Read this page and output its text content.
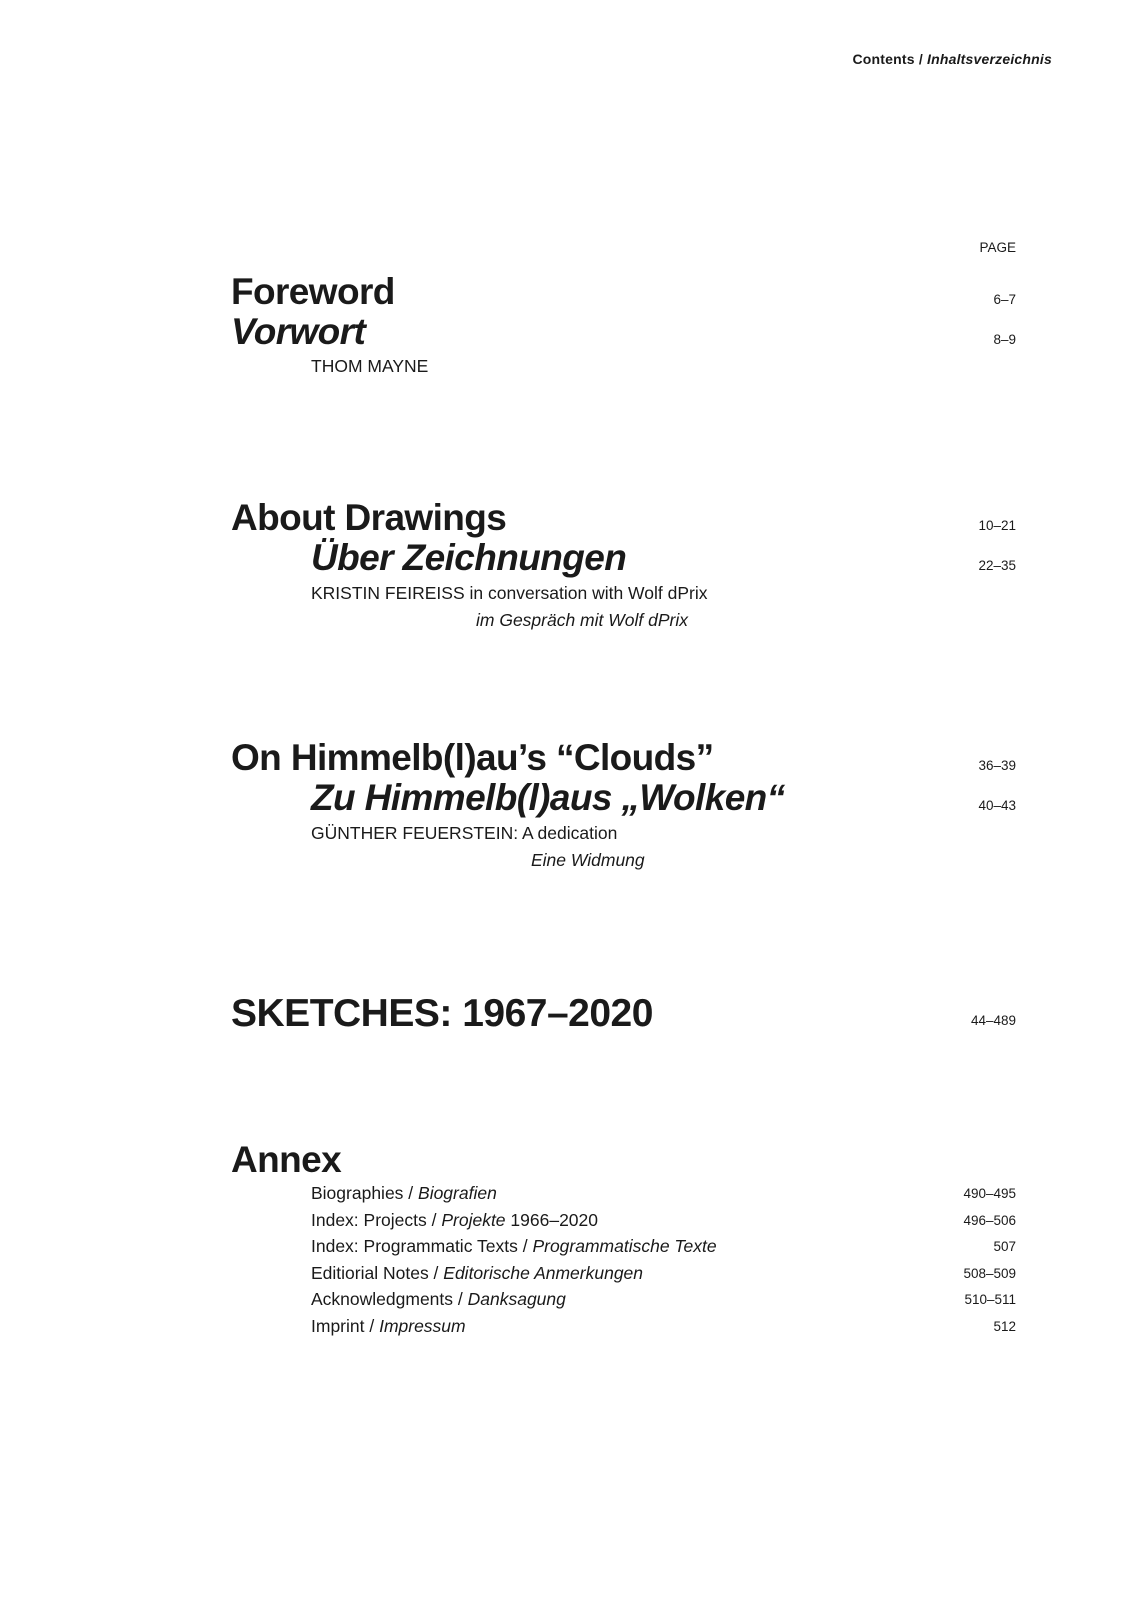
Contents / Inhaltsverzeichnis
PAGE
Foreword	6–7
Vorwort	8–9
THOM MAYNE
About Drawings	10–21
Über Zeichnungen	22–35
KRISTIN FEIREISS in conversation with Wolf dPrix
im Gespräch mit Wolf dPrix
On Himmelb(l)au’s “Clouds”	36–39
Zu Himmelb(l)aus „Wolken“	40–43
GÜNTHER FEUERSTEIN: A dedication
Eine Widmung
SKETCHES: 1967–2020	44–489
Annex
Biographies / Biografien	490–495
Index: Projects / Projekte 1966–2020	496–506
Index: Programmatic Texts / Programmatische Texte	507
Editiorial Notes / Editorische Anmerkungen	508–509
Acknowledgments / Danksagung	510–511
Imprint / Impressum	512
